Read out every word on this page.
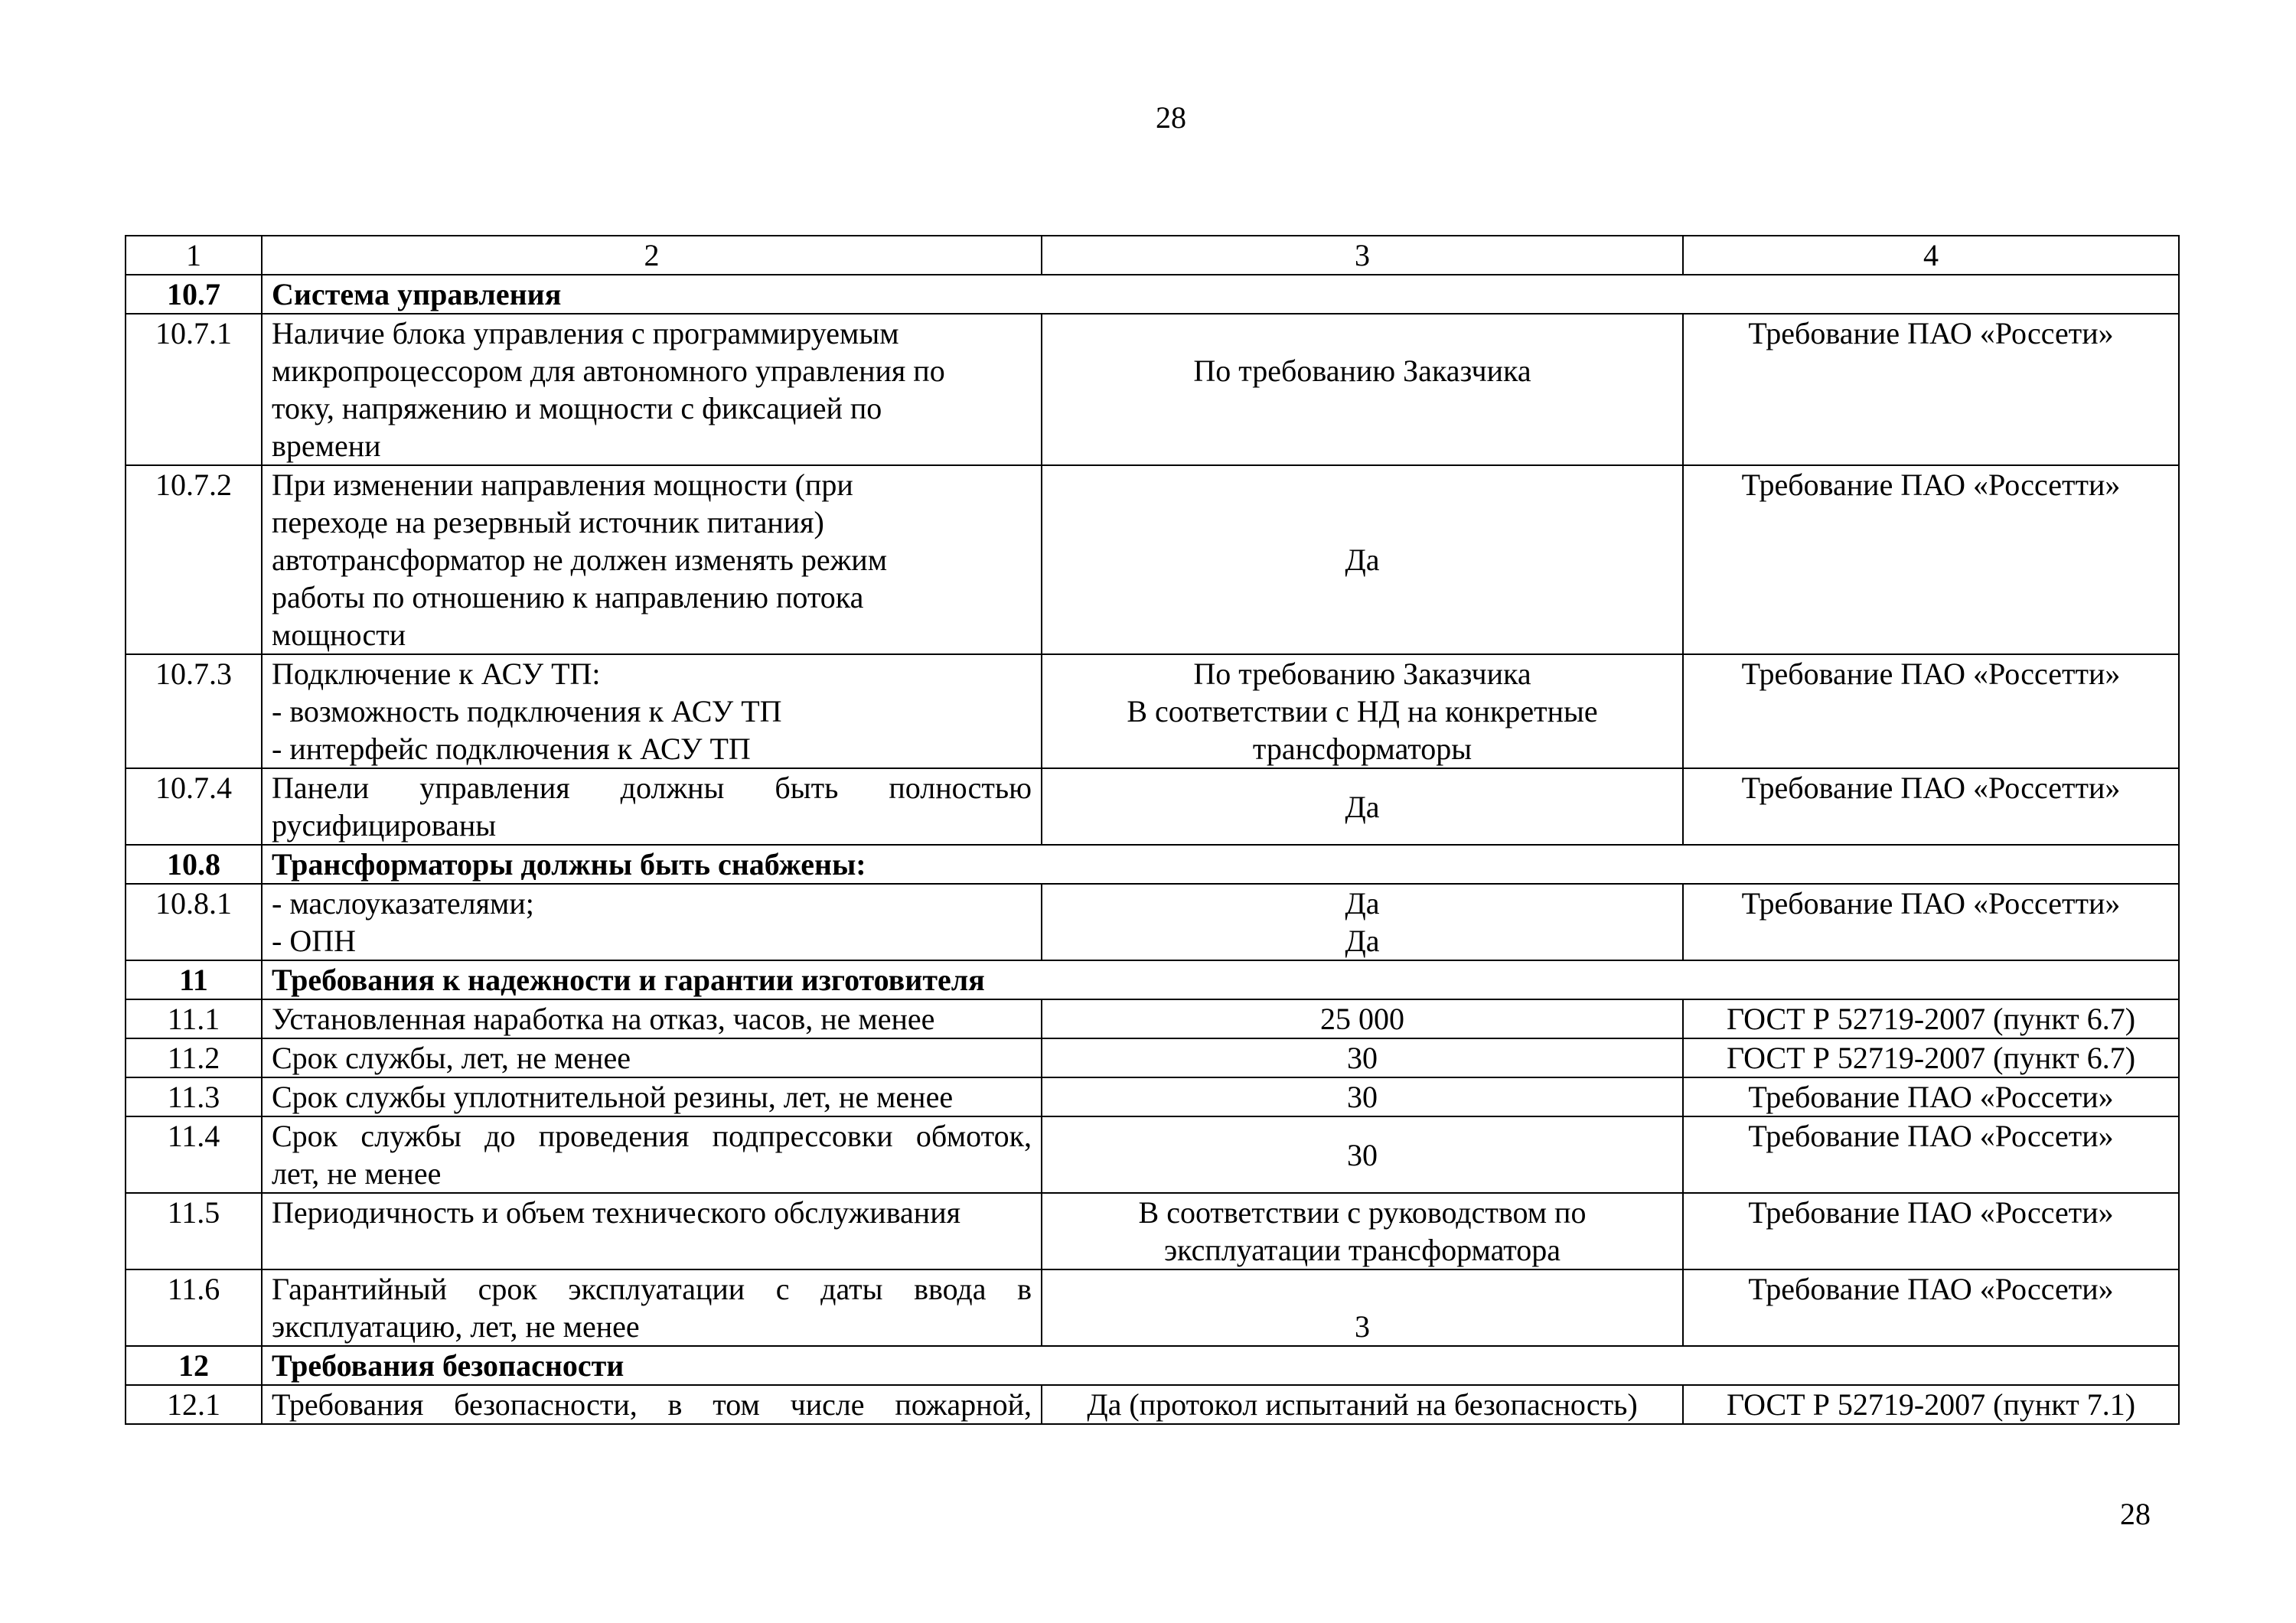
28
1	2	3	4
10.7	Система управления		
10.7.1	Наличие блока управления с программируемым
микропроцессором для автономного управления по
току, напряжению и мощности с фиксацией по
времени	По требованию Заказчика	Требование ПАО «Россети»
10.7.2	При изменении направления мощности (при
переходе на резервный источник питания)
автотрансформатор не должен изменять режим
работы по отношению к направлению потока
мощности	Да	Требование ПАО «Россетти»
10.7.3	Подключение к АСУ ТП:
- возможность подключения к АСУ ТП
- интерфейс подключения к АСУ ТП	По требованию Заказчика
В соответствии с НД на конкретные
трансформаторы	Требование ПАО «Россетти»
10.7.4	Панели управления должны быть полностью
русифицированы	Да	Требование ПАО «Россетти»
10.8	Трансформаторы должны быть снабжены:		
10.8.1	- маслоуказателями;
- ОПН	Да
Да	Требование ПАО «Россетти»
11	Требования к надежности и гарантии изготовителя		
11.1	Установленная наработка на отказ, часов, не менее	25 000	ГОСТ Р 52719-2007 (пункт 6.7)
11.2	Срок службы, лет, не менее	30	ГОСТ Р 52719-2007 (пункт 6.7)
11.3	Срок службы уплотнительной резины, лет, не менее	30	Требование ПАО «Россети»
11.4	Срок службы до проведения подпрессовки обмоток,
лет, не менее	30	Требование ПАО «Россети»
11.5	Периодичность и объем технического обслуживания	В соответствии с руководством по
эксплуатации трансформатора	Требование ПАО «Россети»
11.6	Гарантийный срок эксплуатации с даты ввода в
эксплуатацию, лет, не менее	3	Требование ПАО «Россети»
12	Требования безопасности		
12.1	Требования безопасности, в том числе пожарной,	Да (протокол испытаний на безопасность)	ГОСТ Р 52719-2007 (пункт 7.1)
28
